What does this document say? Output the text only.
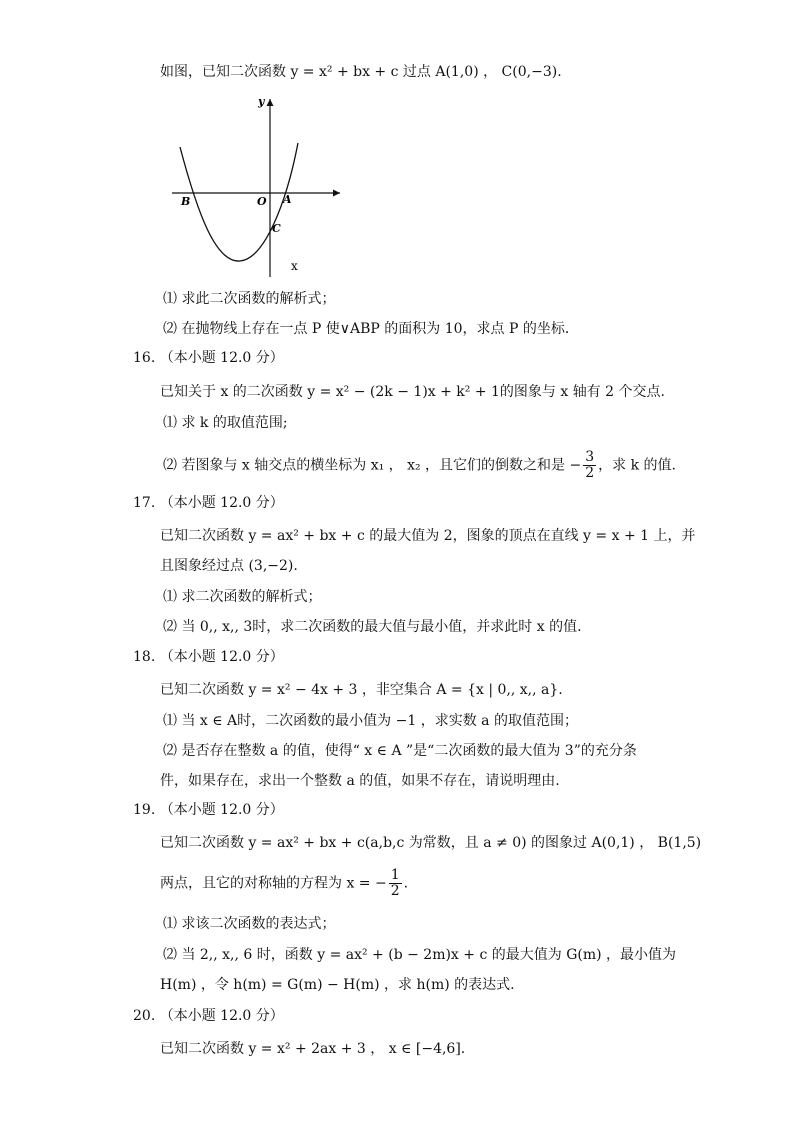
如图，已知二次函数 y = x² + bx + c 过点 A(1,0) ， C(0,−3).
y
x
B	O A
C
⑴ 求此二次函数的解析式；
⑵ 在抛物线上存在一点 P 使∨ABP 的面积为 10，求点 P 的坐标．
16. （本小题 12.0 分）
已知关于 x 的二次函数 y = x² − (2k − 1)x + k² + 1的图象与 x 轴有 2 个交点.
⑴ 求 k 的取值范围;
⑵ 若图象与 x 轴交点的横坐标为 x₁ ， x₂ ，且它们的倒数之和是 − $\frac{3}{2}$ ，求 k 的值.
17. （本小题 12.0 分）
已知二次函数 y = ax² + bx + c 的最大值为 2，图象的顶点在直线 y = x + 1 上，并
且图象经过点 (3,−2).
⑴ 求二次函数的解析式；
⑵ 当 0,, x,, 3时，求二次函数的最大值与最小值，并求此时 x 的值.
18. （本小题 12.0 分）
已知二次函数 y = x² − 4x + 3 ，非空集合 A = {x | 0,, x,, a}.
⑴ 当 x ∈ A时，二次函数的最小值为 −1 ，求实数 a 的取值范围；
⑵ 是否存在整数 a 的值，使得“ x ∈ A ”是“二次函数的最大值为 3”的充分条
件，如果存在，求出一个整数 a 的值，如果不存在，请说明理由.
19. （本小题 12.0 分）
已知二次函数 y = ax² + bx + c(a,b,c 为常数，且 a ≠ 0) 的图象过 A(0,1) ， B(1,5)
两点，且它的对称轴的方程为 x = − $\frac{1}{2}$ .
⑴ 求该二次函数的表达式；
⑵ 当 2,, x,, 6 时，函数 y = ax² + (b − 2m)x + c 的最大值为 G(m) ，最小值为
H(m) ，令 h(m) = G(m) − H(m) ，求 h(m) 的表达式.
20. （本小题 12.0 分）
已知二次函数 y = x² + 2ax + 3 ， x ∈ [−4,6].
